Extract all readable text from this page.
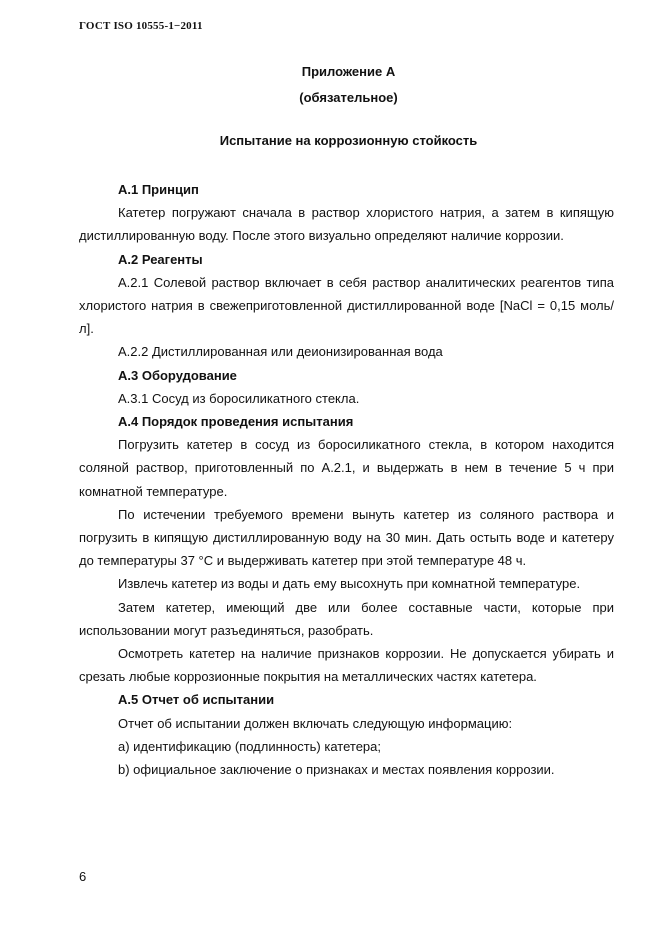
ГОСТ ISO 10555-1−2011
Приложение А
(обязательное)
Испытание на коррозионную стойкость

А.1 Принцип

Катетер погружают сначала в раствор хлористого натрия, а затем в кипящую дистиллированную воду. После этого визуально определяют наличие коррозии.

А.2 Реагенты

А.2.1 Солевой раствор включает в себя раствор аналитических реагентов типа хлористого натрия в свежеприготовленной дистиллированной воде [NaCl = 0,15 моль/л].

А.2.2 Дистиллированная или деионизированная вода

А.3 Оборудование

А.3.1 Сосуд из боросиликатного стекла.

А.4 Порядок проведения испытания

Погрузить катетер в сосуд из боросиликатного стекла, в котором находится соляной раствор, приготовленный по А.2.1, и выдержать в нем в течение 5 ч при комнатной температуре.

По истечении требуемого времени вынуть катетер из соляного раствора и погрузить в кипящую дистиллированную воду на 30 мин. Дать остыть воде и катетеру до температуры 37 °С и выдерживать катетер при этой температуре 48 ч.

Извлечь катетер из воды и дать ему высохнуть при комнатной температуре.

Затем катетер, имеющий две или более составные части, которые при использовании могут разъединяться, разобрать.

Осмотреть катетер на наличие признаков коррозии. Не допускается убирать и срезать любые коррозионные покрытия на металлических частях катетера.

А.5 Отчет об испытании

Отчет об испытании должен включать следующую информацию:

a) идентификацию (подлинность) катетера;

b) официальное заключение о признаках и местах появления коррозии.

6
